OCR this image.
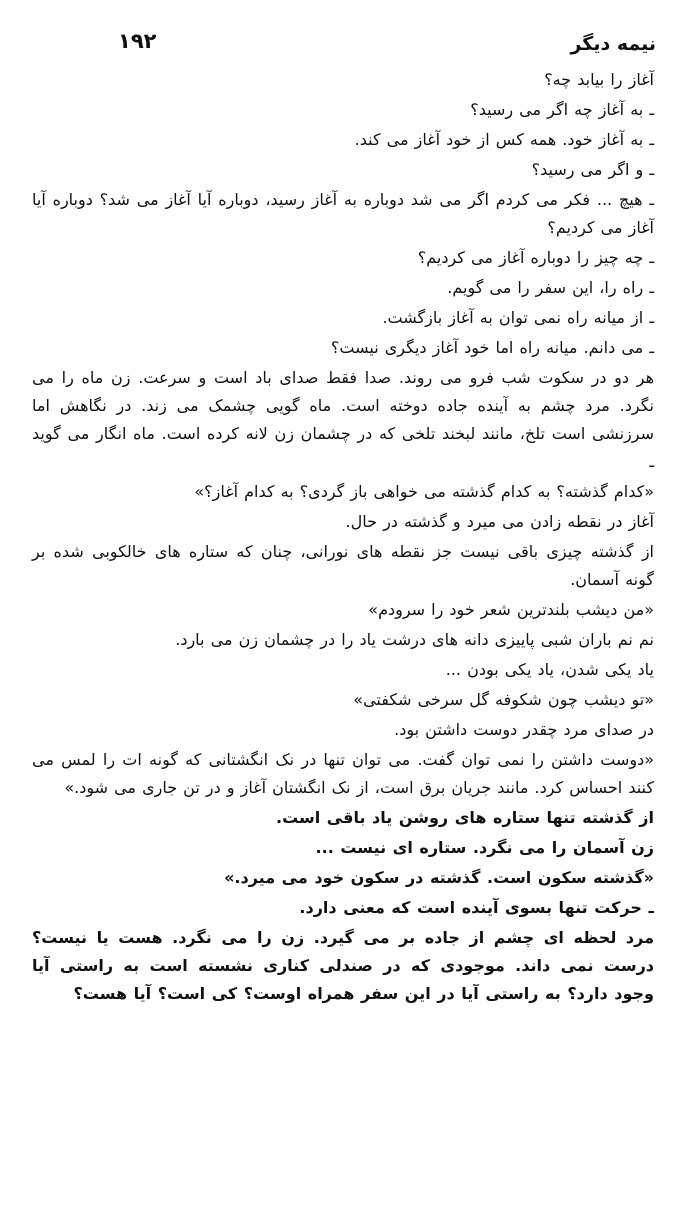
نیمه دیگر
۱۹۲

آغاز را بیابد چه؟

ـ به آغاز چه اگر می رسید؟

ـ به آغاز خود. همه کس از خود آغاز می کند.

ـ و اگر می رسید؟

ـ هیچ ... فکر می کردم اگر می شد دوباره به آغاز رسید، دوباره آیا آغاز می شد؟ دوباره آیا آغاز می کردیم؟

ـ چه چیز را دوباره آغاز می کردیم؟

ـ راه را، این سفر را می گویم.

ـ از میانه راه نمی توان به آغاز بازگشت.

ـ می دانم. میانه راه اما خود آغاز دیگری نیست؟

هر دو در سکوت شب فرو می روند. صدا فقط صدای باد است و سرعت. زن ماه را می نگرد. مرد چشم به آینده جاده دوخته است. ماه گویی چشمک می زند. در نگاهش اما سرزنشی است تلخ، مانند لبخند تلخی که در چشمان زن لانه کرده است. ماه انگار می گوید ـ

«کدام گذشته؟ به کدام گذشته می خواهی باز گردی؟ به کدام آغاز؟»

آغاز در نقطه زادن می میرد و گذشته در حال.

از گذشته چیزی باقی نیست جز نقطه های نورانی، چنان که ستاره های خالکوبی شده بر گونه آسمان.

«من دیشب بلندترین شعر خود را سرودم»

نم نم باران شبی پاییزی دانه های درشت یاد را در چشمان زن می بارد.

یاد یکی شدن، یاد یکی بودن ...

«تو دیشب چون شکوفه گل سرخی شکفتی»

در صدای مرد چقدر دوست داشتن بود.

«دوست داشتن را نمی توان گفت. می توان تنها در نک انگشتانی که گونه ات را لمس می کنند احساس کرد. مانند جریان برق است، از نک انگشتان آغاز و در تن جاری می شود.»

از گذشته تنها ستاره های روشن یاد باقی است.

زن آسمان را می نگرد. ستاره ای نیست ...

«گذشته سکون است. گذشته در سکون خود می میرد.»

ـ حرکت تنها بسوی آینده است که معنی دارد.

مرد لحظه ای چشم از جاده بر می گیرد. زن را می نگرد. هست یا نیست؟ درست نمی داند. موجودی که در صندلی کناری نشسته است به راستی آیا وجود دارد؟ به راستی آیا در این سفر همراه اوست؟ کی است؟ آیا هست؟
